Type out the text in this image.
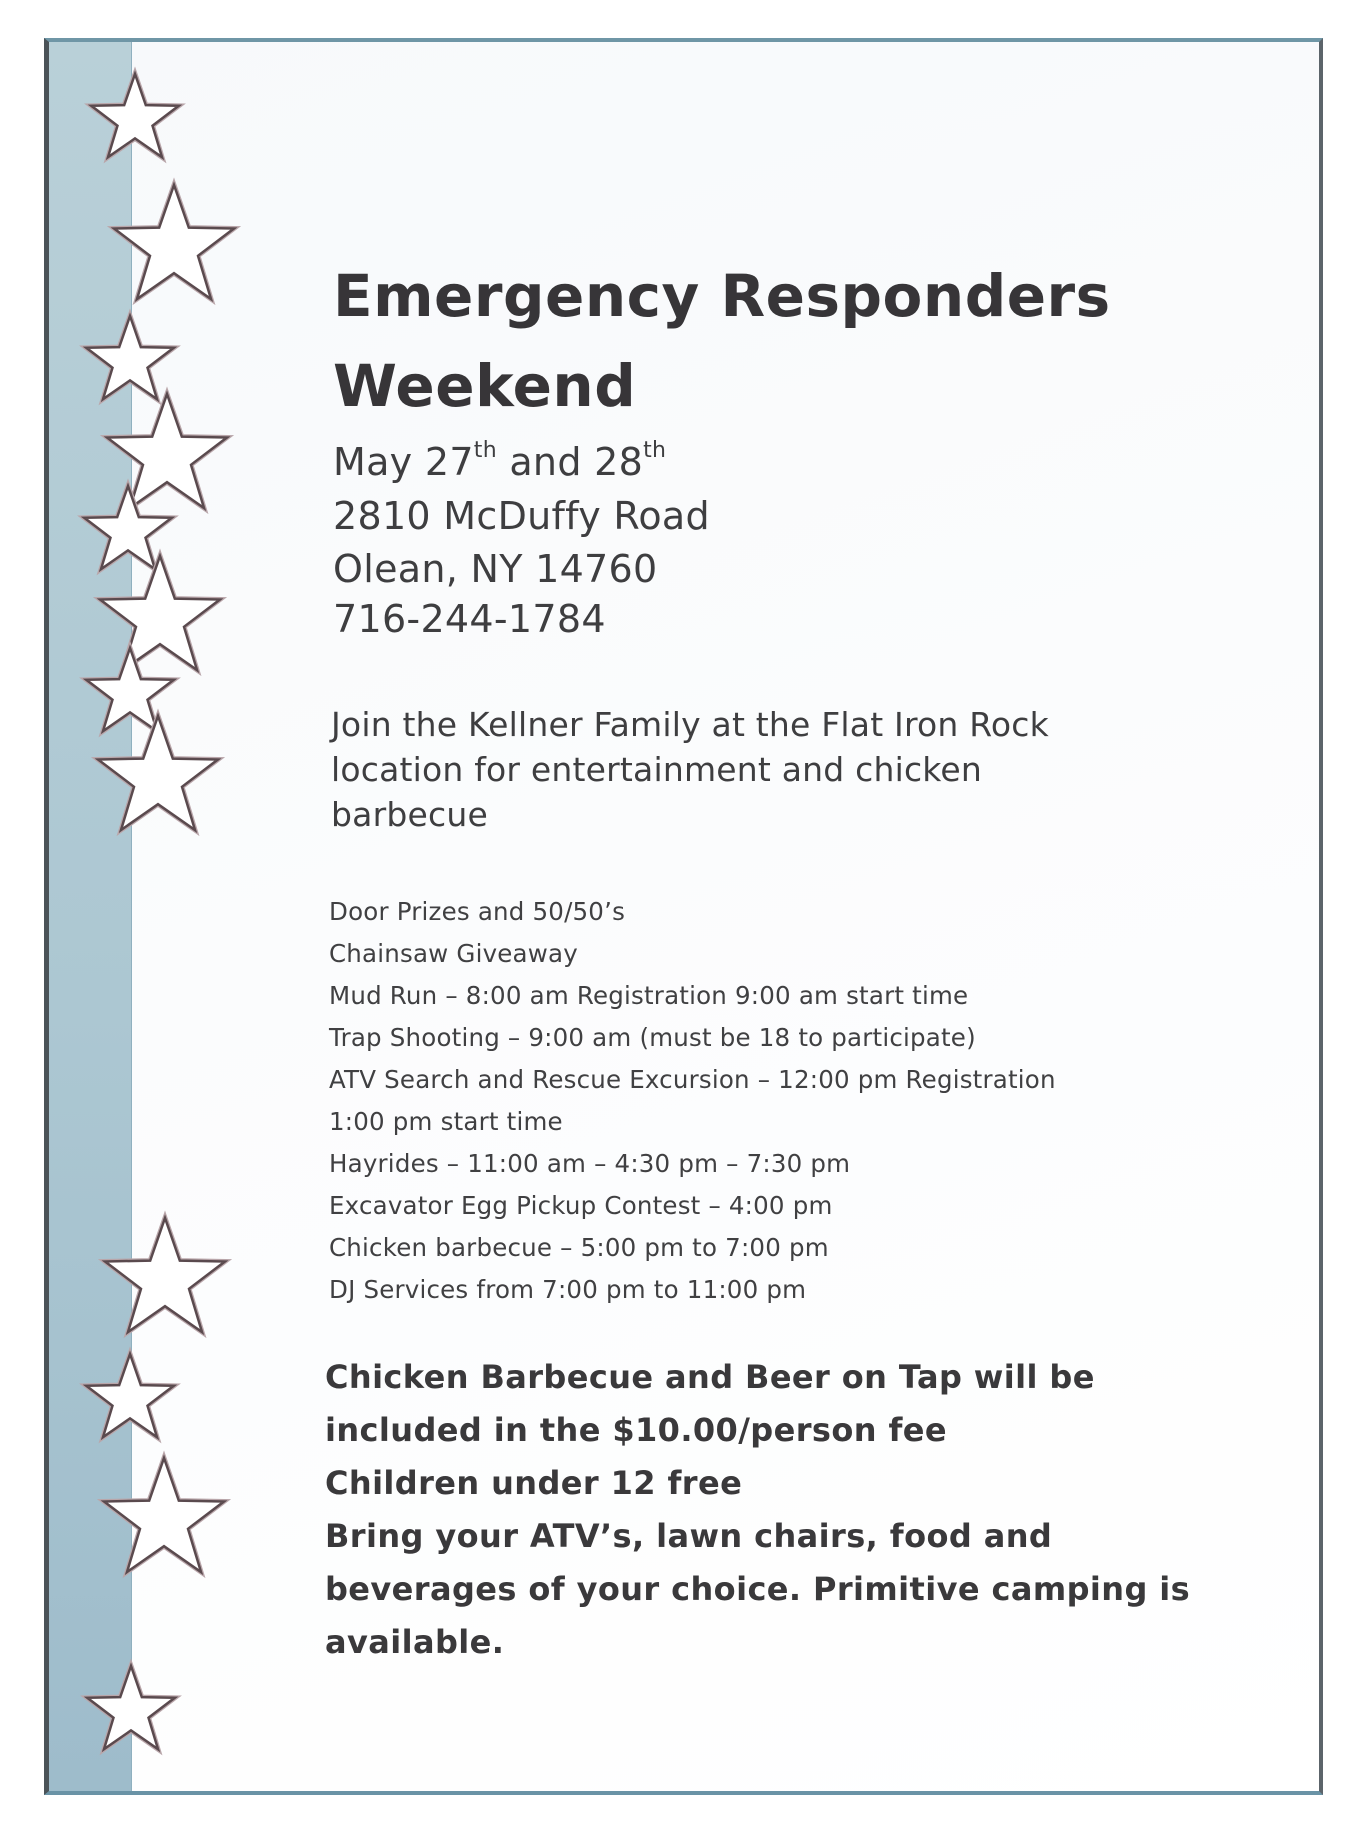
Emergency Responders
Weekend
May 27th and 28th
2810 McDuffy Road
Olean, NY 14760
716-244-1784
Join the Kellner Family at the Flat Iron Rock
location for entertainment and chicken
barbecue
Door Prizes and 50/50’s
Chainsaw Giveaway
Mud Run – 8:00 am Registration 9:00 am start time
Trap Shooting – 9:00 am (must be 18 to participate)
ATV Search and Rescue Excursion – 12:00 pm Registration
1:00 pm start time
Hayrides – 11:00 am – 4:30 pm – 7:30 pm
Excavator Egg Pickup Contest – 4:00 pm
Chicken barbecue – 5:00 pm to 7:00 pm
DJ Services from 7:00 pm to 11:00 pm
Chicken Barbecue and Beer on Tap will be
included in the $10.00/person fee
Children under 12 free
Bring your ATV’s, lawn chairs, food and
beverages of your choice. Primitive camping is
available.
